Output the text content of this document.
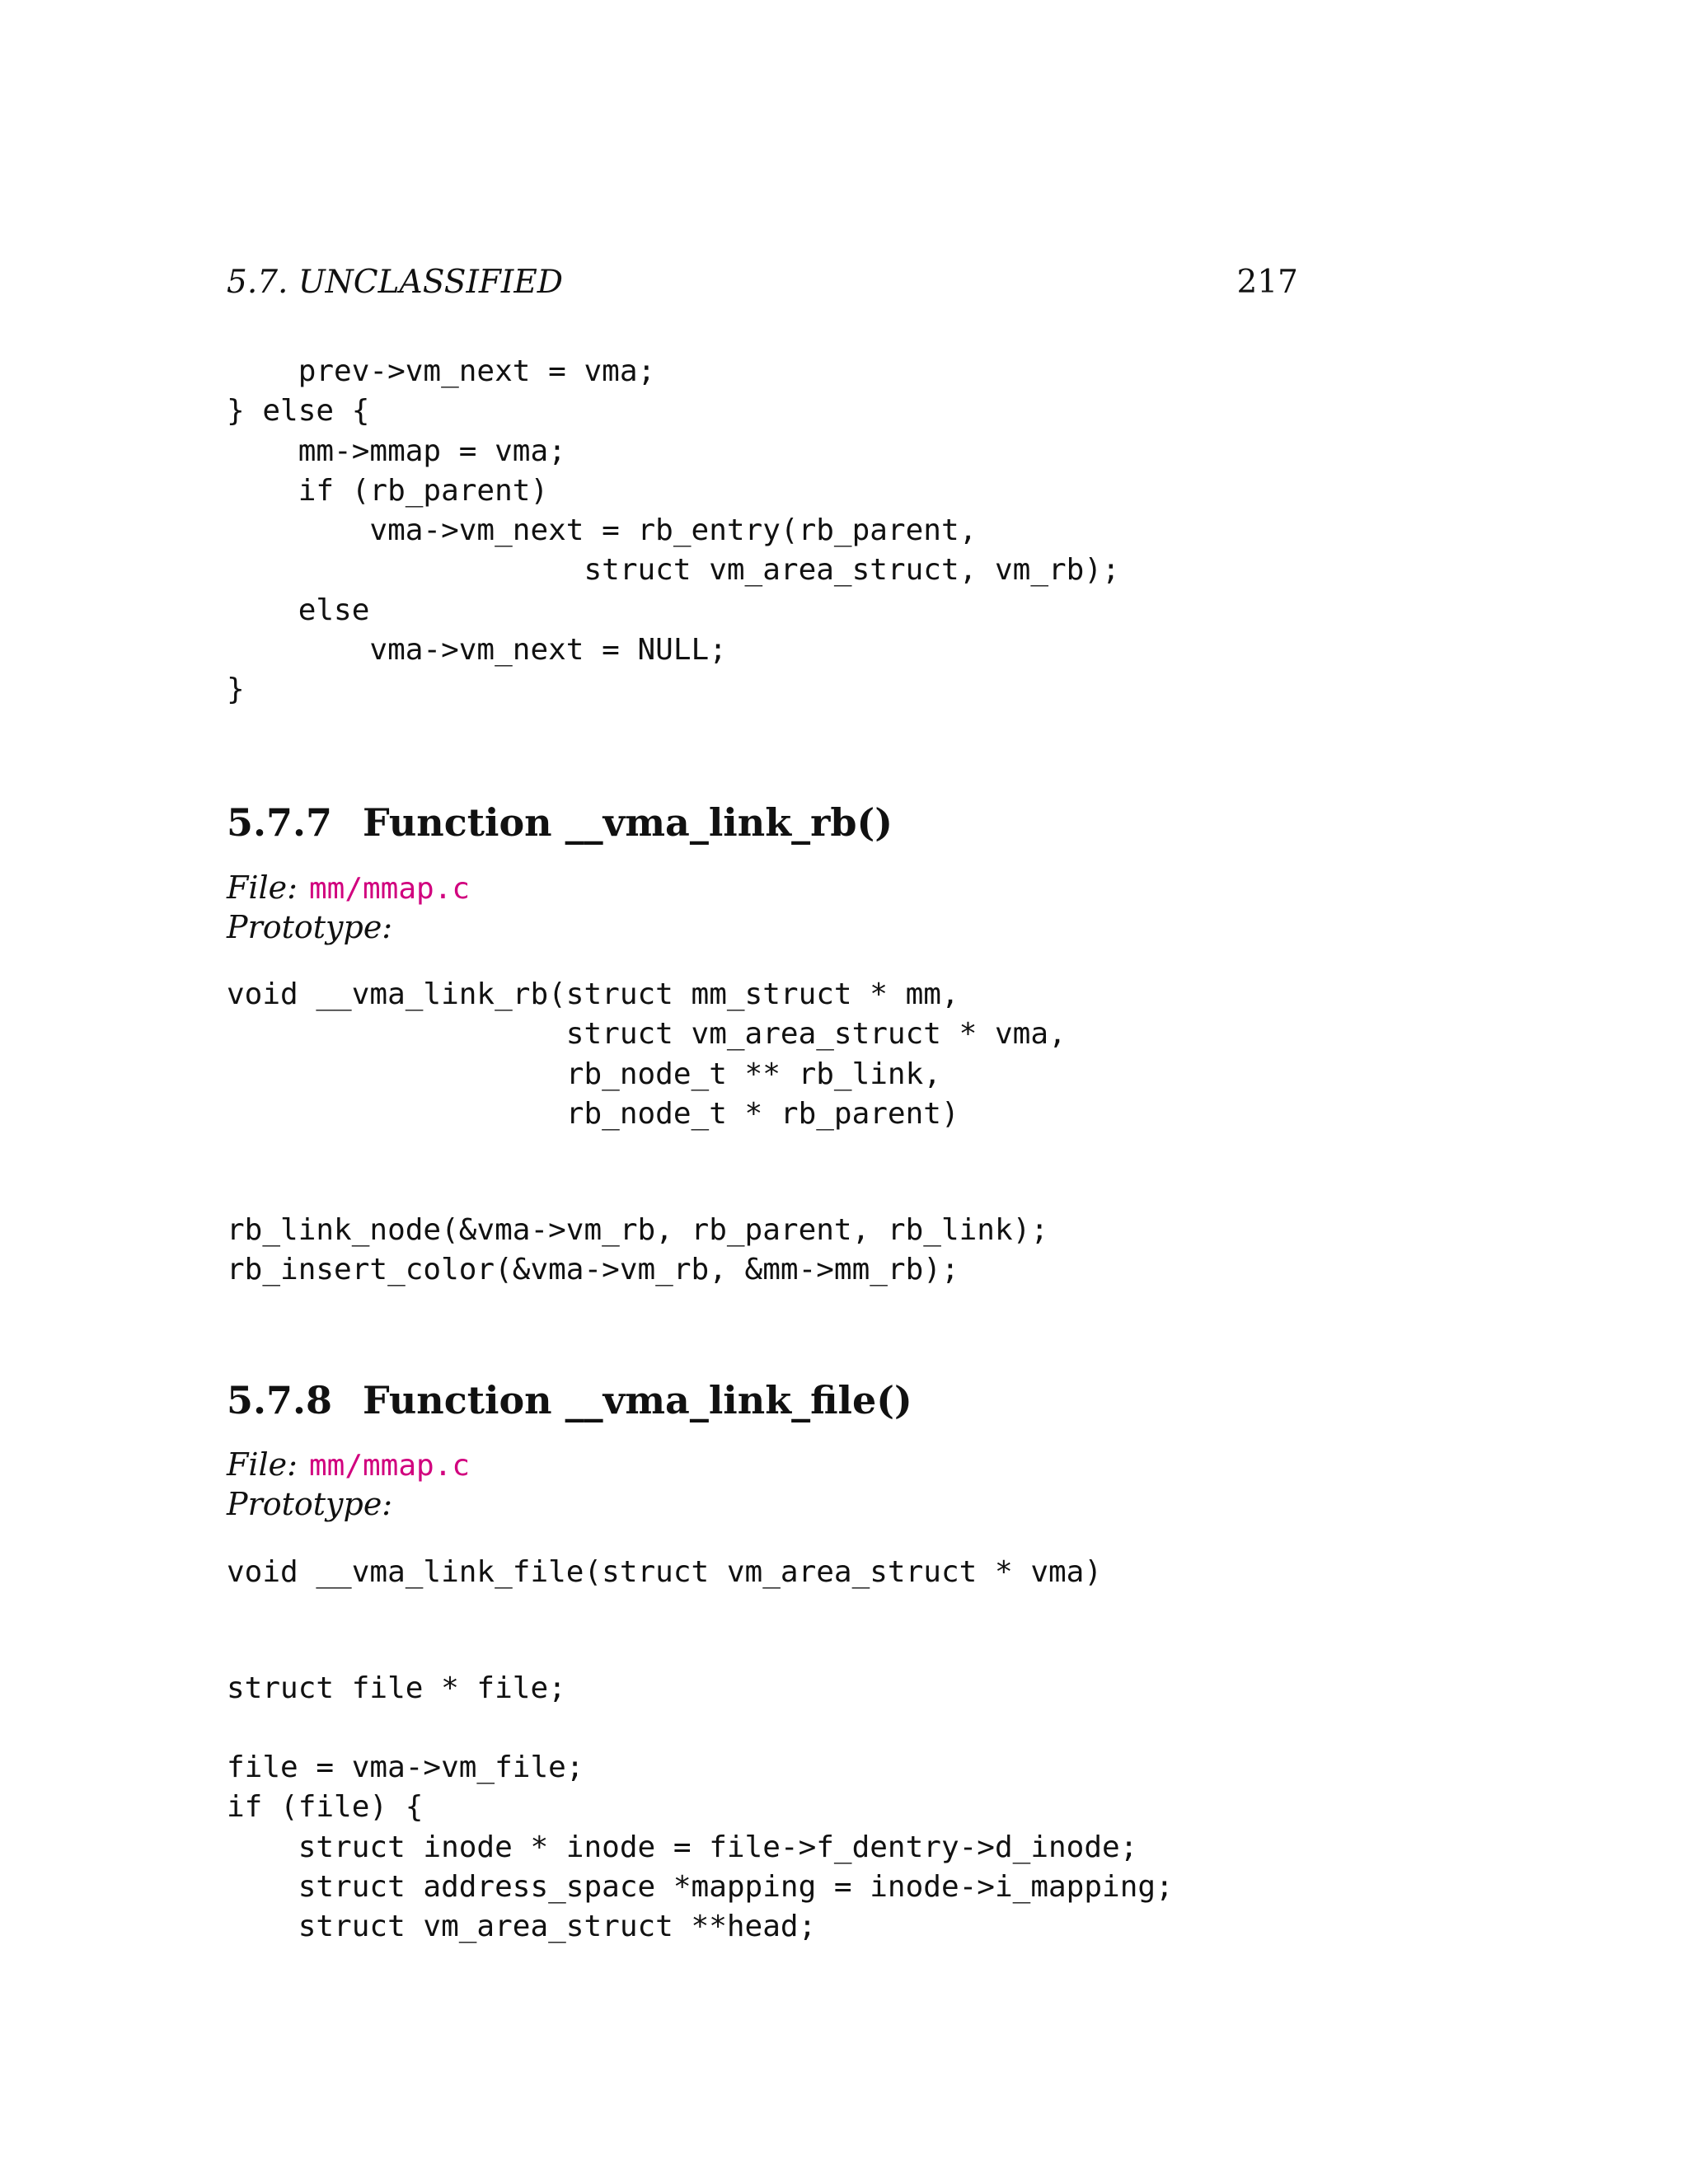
5.7. UNCLASSIFIED	217
prev->vm_next = vma;
} else {
mm->mmap = vma;
if (rb_parent)
vma->vm_next = rb_entry(rb_parent,
struct vm_area_struct, vm_rb);
else
vma->vm_next = NULL;
}
5.7.7 Function __vma_link_rb()
File: mm/mmap.c
Prototype:
void __vma_link_rb(struct mm_struct * mm,
struct vm_area_struct * vma,
rb_node_t ** rb_link,
rb_node_t * rb_parent)
rb_link_node(&vma->vm_rb, rb_parent, rb_link);
rb_insert_color(&vma->vm_rb, &mm->mm_rb);
5.7.8 Function __vma_link_file()
File: mm/mmap.c
Prototype:
void __vma_link_file(struct vm_area_struct * vma)
struct file * file;
file = vma->vm_file;
if (file) {
struct inode * inode = file->f_dentry->d_inode;
struct address_space *mapping = inode->i_mapping;
struct vm_area_struct **head;
